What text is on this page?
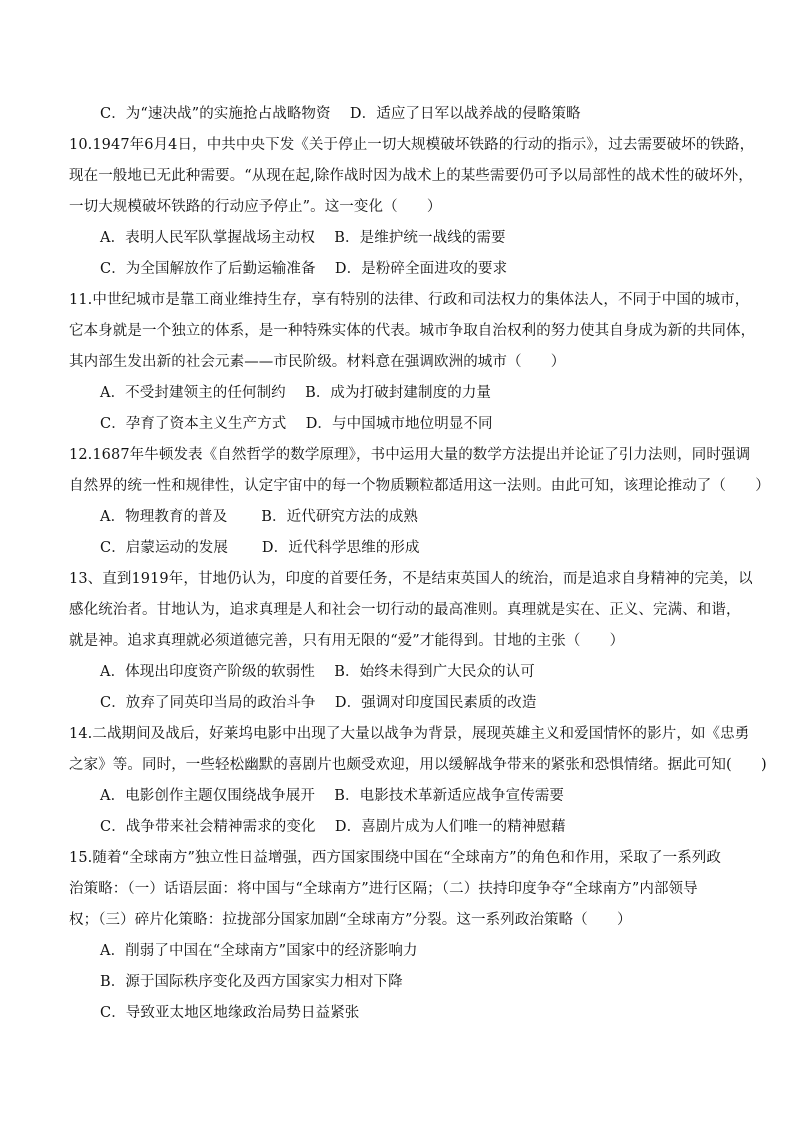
C．为“速决战”的实施抢占战略物资　 D．适应了日军以战养战的侵略策略
10.1947年6月4日，中共中央下发《关于停止一切大规模破坏铁路的行动的指示》，过去需要破坏的铁路，
现在一般地已无此种需要。“从现在起,除作战时因为战术上的某些需要仍可予以局部性的战术性的破坏外，
一切大规模破坏铁路的行动应予停止”。这一变化（　　）
A．表明人民军队掌握战场主动权　 B．是维护统一战线的需要
C．为全国解放作了后勤运输准备　 D．是粉碎全面进攻的要求
11.中世纪城市是靠工商业维持生存，享有特别的法律、行政和司法权力的集体法人，不同于中国的城市，
它本身就是一个独立的体系，是一种特殊实体的代表。城市争取自治权利的努力使其自身成为新的共同体，
其内部生发出新的社会元素——市民阶级。材料意在强调欧洲的城市（　　）
A．不受封建领主的任何制约　 B．成为打破封建制度的力量
C．孕育了资本主义生产方式　 D．与中国城市地位明显不同
12.1687年牛顿发表《自然哲学的数学原理》，书中运用大量的数学方法提出并论证了引力法则，同时强调
自然界的统一性和规律性，认定宇宙中的每一个物质颗粒都适用这一法则。由此可知，该理论推动了（　　）
A．物理教育的普及　　 B．近代研究方法的成熟
C．启蒙运动的发展　　 D．近代科学思维的形成
13、直到1919年，甘地仍认为，印度的首要任务，不是结束英国人的统治，而是追求自身精神的完美，以
感化统治者。甘地认为，追求真理是人和社会一切行动的最高准则。真理就是实在、正义、完满、和谐，
就是神。追求真理就必须道德完善，只有用无限的“爱”才能得到。甘地的主张（　　）
A．体现出印度资产阶级的软弱性　 B．始终未得到广大民众的认可
C．放弃了同英印当局的政治斗争　 D．强调对印度国民素质的改造
14.二战期间及战后，好莱坞电影中出现了大量以战争为背景，展现英雄主义和爱国情怀的影片，如《忠勇
之家》等。同时，一些轻松幽默的喜剧片也颇受欢迎，用以缓解战争带来的紧张和恐惧情绪。据此可知(　　)
A．电影创作主题仅围绕战争展开　 B．电影技术革新适应战争宣传需要
C．战争带来社会精神需求的变化　 D．喜剧片成为人们唯一的精神慰藉
15.随着“全球南方”独立性日益增强，西方国家围绕中国在“全球南方”的角色和作用，采取了一系列政
治策略：（一）话语层面：将中国与“全球南方”进行区隔；（二）扶持印度争夺“全球南方”内部领导
权；（三）碎片化策略：拉拢部分国家加剧“全球南方”分裂。这一系列政治策略（　　）
A．削弱了中国在“全球南方”国家中的经济影响力
B．源于国际秩序变化及西方国家实力相对下降
C．导致亚太地区地缘政治局势日益紧张
